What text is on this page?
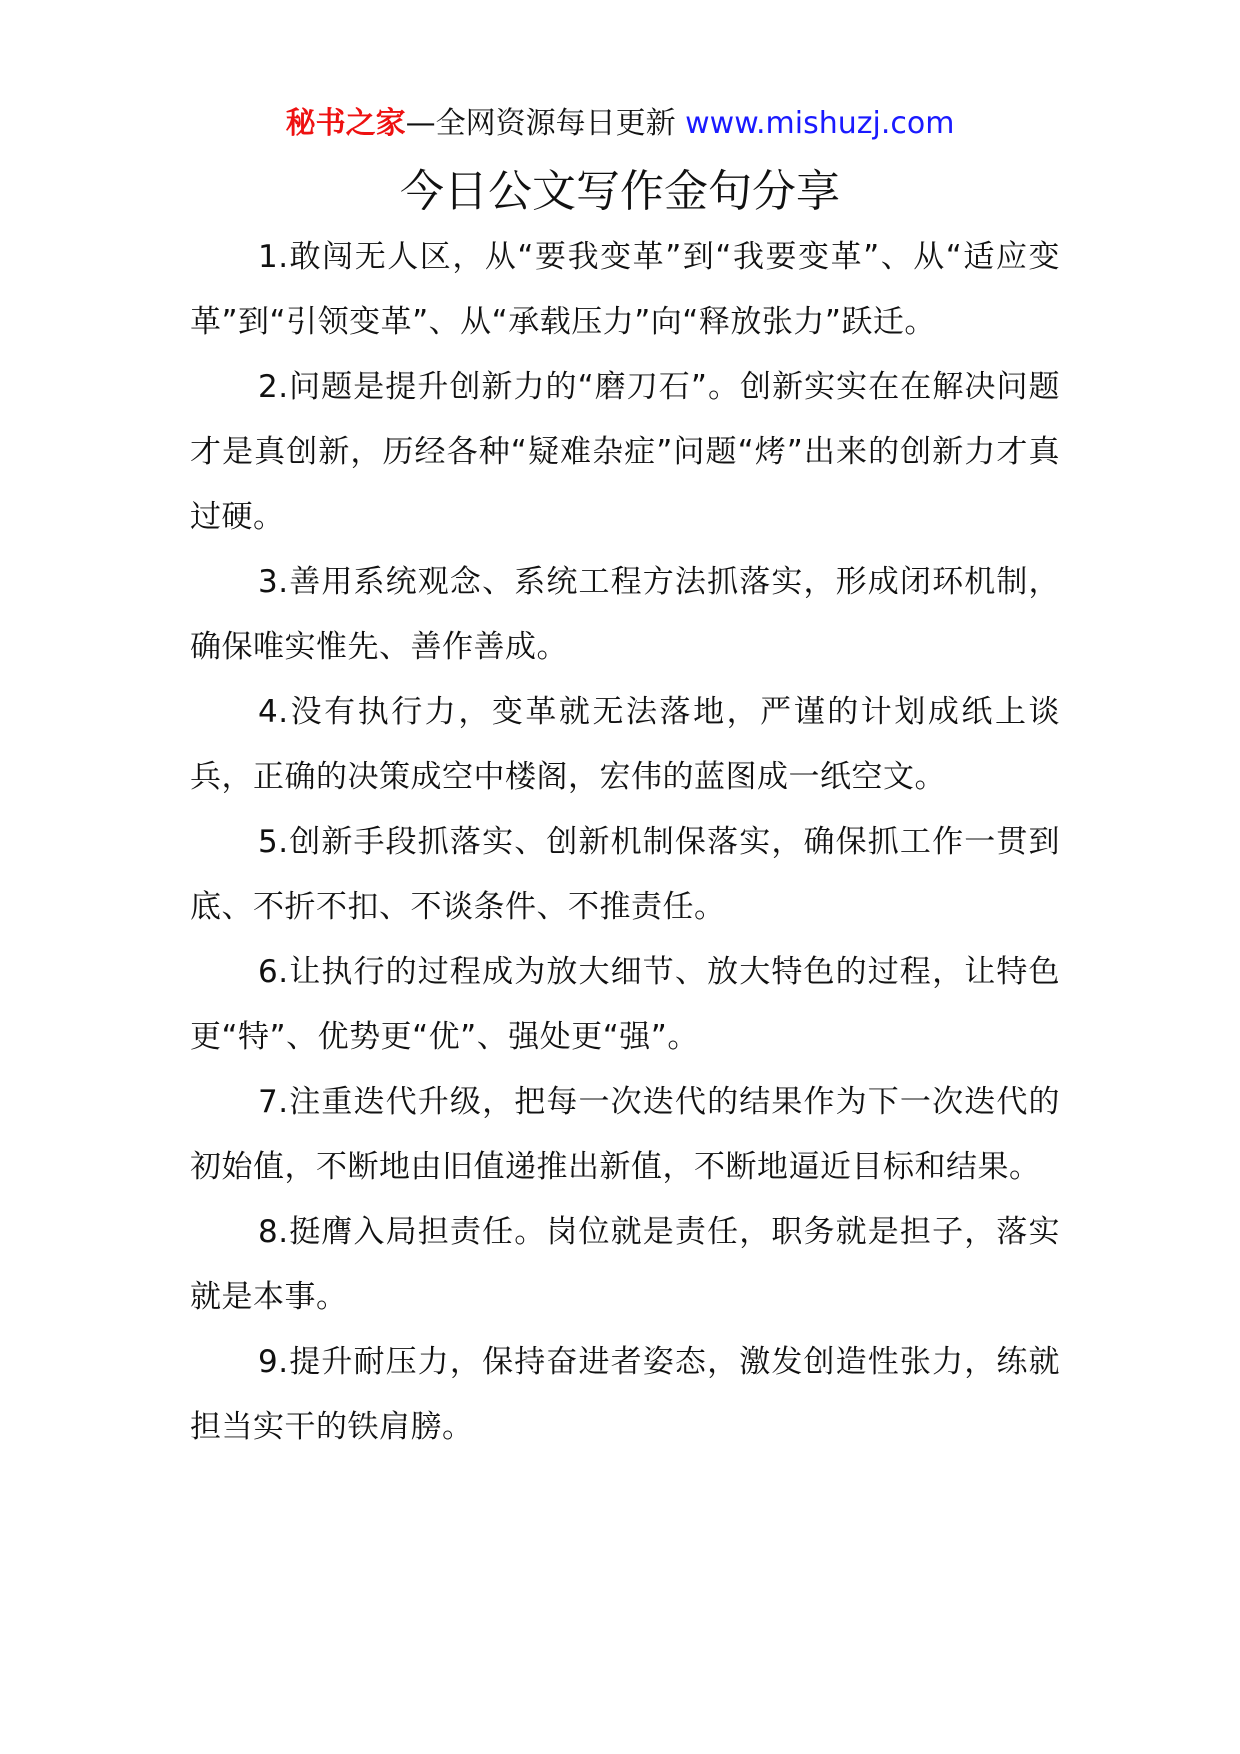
秘书之家—全网资源每日更新 www.mishuzj.com
今日公文写作金句分享

1.敢闯无人区，从“要我变革”到“我要变革”、从“适应变革”到“引领变革”、从“承载压力”向“释放张力”跃迁。

2.问题是提升创新力的“磨刀石”。创新实实在在解决问题才是真创新，历经各种“疑难杂症”问题“烤”出来的创新力才真过硬。

3.善用系统观念、系统工程方法抓落实，形成闭环机制，确保唯实惟先、善作善成。

4.没有执行力，变革就无法落地，严谨的计划成纸上谈兵，正确的决策成空中楼阁，宏伟的蓝图成一纸空文。

5.创新手段抓落实、创新机制保落实，确保抓工作一贯到底、不折不扣、不谈条件、不推责任。

6.让执行的过程成为放大细节、放大特色的过程，让特色更“特”、优势更“优”、强处更“强”。

7.注重迭代升级，把每一次迭代的结果作为下一次迭代的初始值，不断地由旧值递推出新值，不断地逼近目标和结果。

8.挺膺入局担责任。岗位就是责任，职务就是担子，落实就是本事。

9.提升耐压力，保持奋进者姿态，激发创造性张力，练就担当实干的铁肩膀。
